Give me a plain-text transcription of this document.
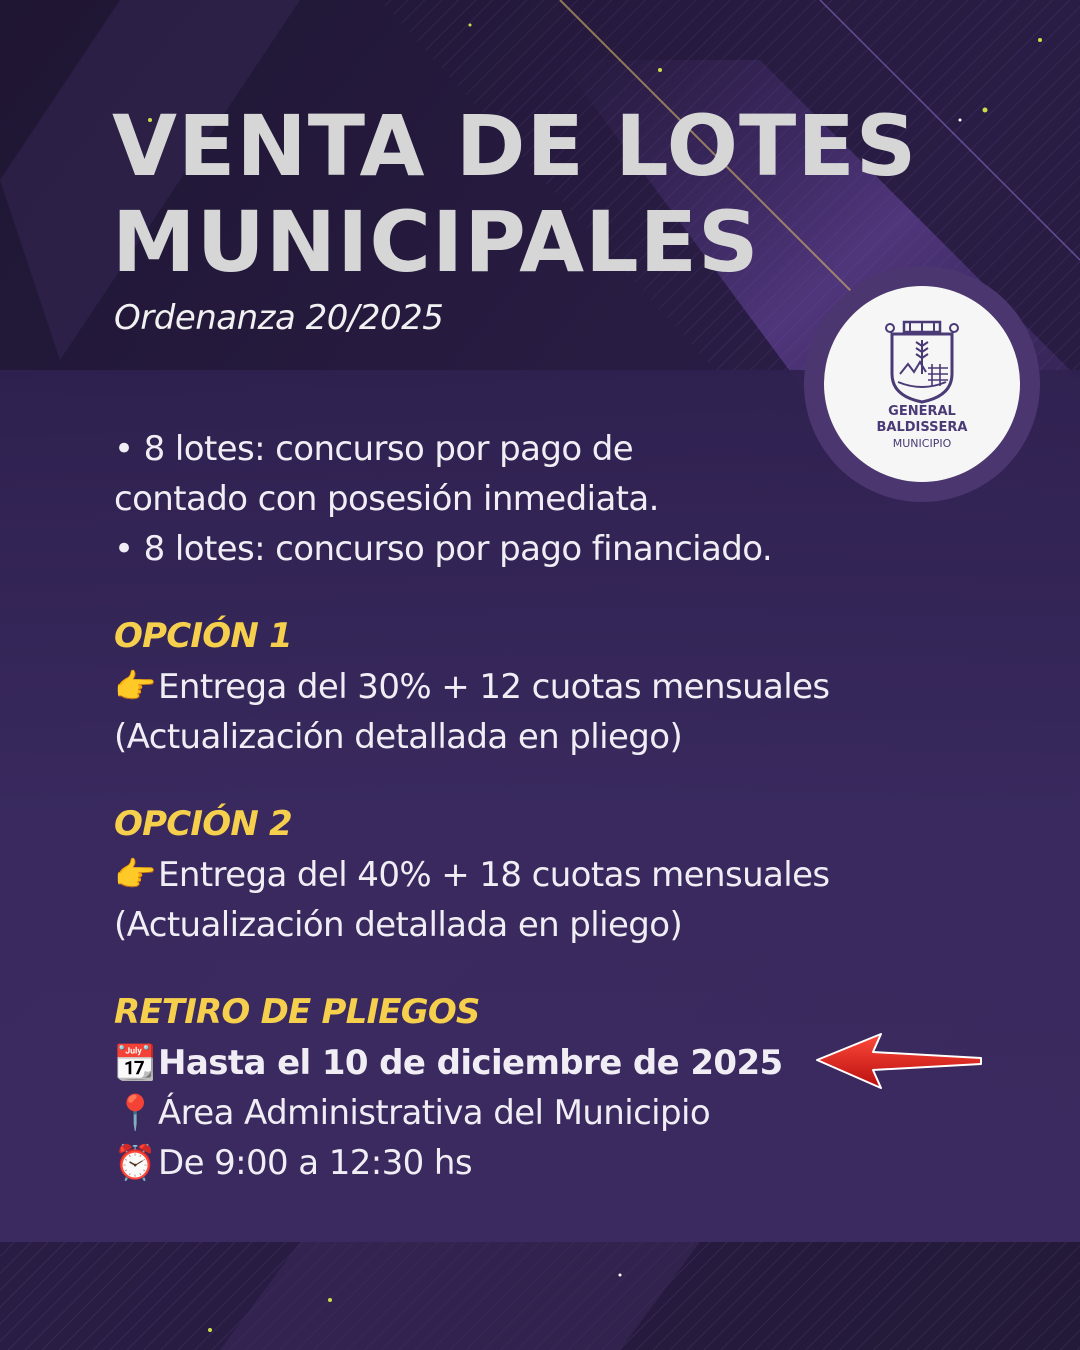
VENTA DE LOTES
MUNICIPALES
Ordenanza 20/2025
GENERAL
BALDISSERA
MUNICIPIO
• 8 lotes: concurso por pago de
contado con posesión inmediata.
• 8 lotes: concurso por pago financiado.
OPCIÓN 1
👉Entrega del 30% + 12 cuotas mensuales
(Actualización detallada en pliego)
OPCIÓN 2
👉Entrega del 40% + 18 cuotas mensuales
(Actualización detallada en pliego)
RETIRO DE PLIEGOS
📆Hasta el 10 de diciembre de 2025
📍Área Administrativa del Municipio
⏰De 9:00 a 12:30 hs
